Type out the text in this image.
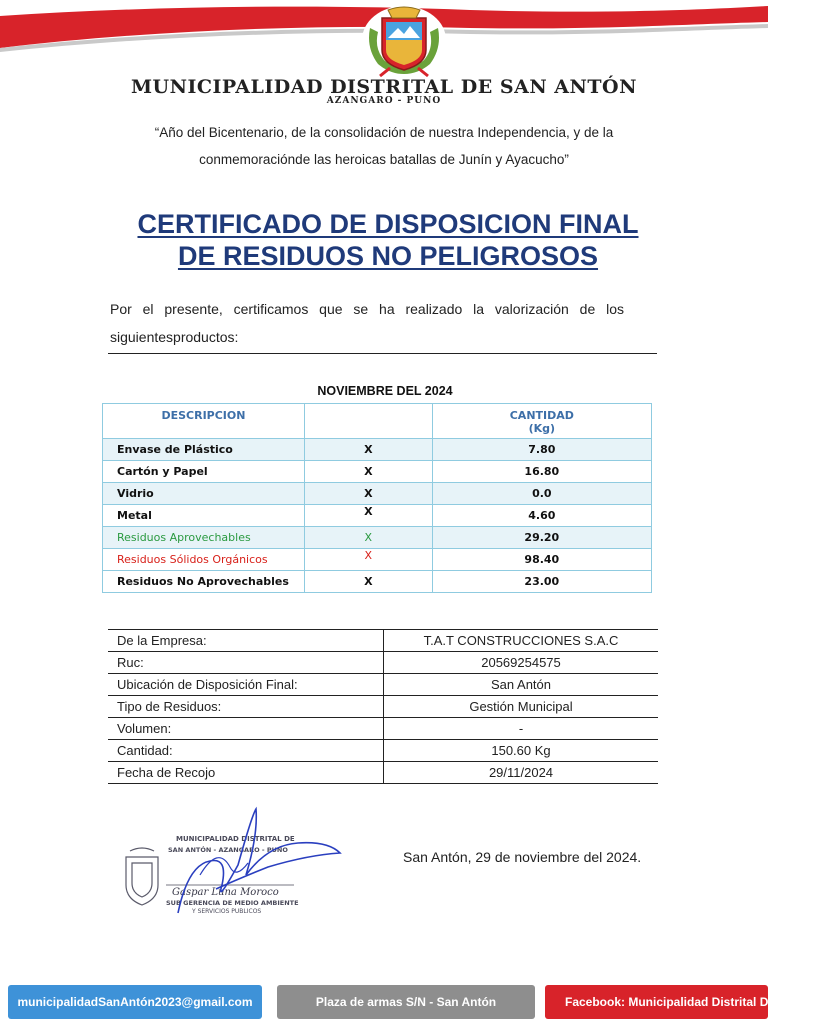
MUNICIPALIDAD DISTRITAL DE SAN ANTÓN
AZANGARO - PUNO
“Año del Bicentenario, de la consolidación de nuestra Independencia, y de la
conmemoraciónde las heroicas batallas de Junín y Ayacucho”
CERTIFICADO DE DISPOSICION FINAL
DE RESIDUOS NO PELIGROSOS
Por el presente, certificamos que se ha realizado la valorización de los siguientesproductos:
NOVIEMBRE DEL 2024
DESCRIPCION		CANTIDAD
(Kg)

Envase de Plástico	X	7.80
Cartón y Papel	X	16.80
Vidrio	X	0.0
Metal	X	4.60
Residuos Aprovechables	X	29.20
Residuos Sólidos Orgánicos	X	98.40
Residuos No Aprovechables	X	23.00
De la Empresa:	T.A.T CONSTRUCCIONES S.A.C
Ruc:	20569254575
Ubicación de Disposición Final:	San Antón
Tipo de Residuos:	Gestión Municipal
Volumen:	-
Cantidad:	150.60 Kg
Fecha de Recojo	29/11/2024
MUNICIPALIDAD DISTRITAL DE
SAN ANTÓN - AZANGARO - PUNO
Gaspar Luna Moroco
SUB GERENCIA DE MEDIO AMBIENTE
Y SERVICIOS PUBLICOS
San Antón, 29 de noviembre del 2024.
municipalidadSanAntón2023@gmail.com	Plaza de armas S/N - San Antón	Facebook: Municipalidad Distrital De San Antón
